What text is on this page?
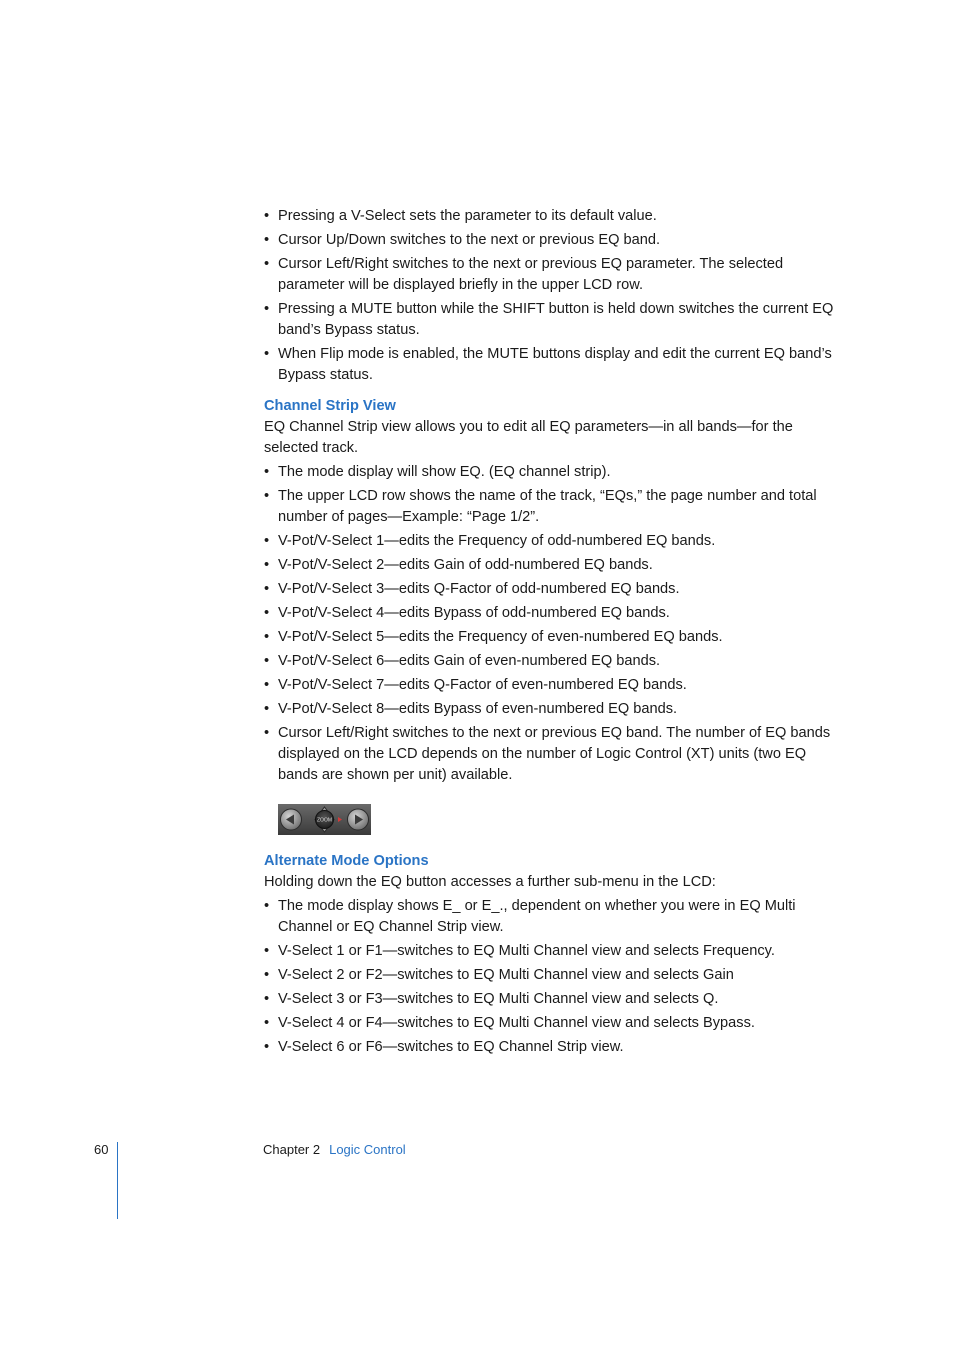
• Pressing a V-Select sets the parameter to its default value.
• Cursor Up/Down switches to the next or previous EQ band.
• Cursor Left/Right switches to the next or previous EQ parameter. The selected parameter will be displayed briefly in the upper LCD row.
• Pressing a MUTE button while the SHIFT button is held down switches the current EQ band’s Bypass status.
• When Flip mode is enabled, the MUTE buttons display and edit the current EQ band’s Bypass status.
Channel Strip View

EQ Channel Strip view allows you to edit all EQ parameters—in all bands—for the selected track.

• The mode display will show EQ. (EQ channel strip).
• The upper LCD row shows the name of the track, “EQs,” the page number and total number of pages—Example: “Page 1/2”.
• V-Pot/V-Select 1—edits the Frequency of odd-numbered EQ bands.
• V-Pot/V-Select 2—edits Gain of odd-numbered EQ bands.
• V-Pot/V-Select 3—edits Q-Factor of odd-numbered EQ bands.
• V-Pot/V-Select 4—edits Bypass of odd-numbered EQ bands.
• V-Pot/V-Select 5—edits the Frequency of even-numbered EQ bands.
• V-Pot/V-Select 6—edits Gain of even-numbered EQ bands.
• V-Pot/V-Select 7—edits Q-Factor of even-numbered EQ bands.
• V-Pot/V-Select 8—edits Bypass of even-numbered EQ bands.
• Cursor Left/Right switches to the next or previous EQ band. The number of EQ bands displayed on the LCD depends on the number of Logic Control (XT) units (two EQ bands are shown per unit) available.
ZOOM
Alternate Mode Options

Holding down the EQ button accesses a further sub-menu in the LCD:

• The mode display shows E_ or E_., dependent on whether you were in EQ Multi Channel or EQ Channel Strip view.
• V-Select 1 or F1—switches to EQ Multi Channel view and selects Frequency.
• V-Select 2 or F2—switches to EQ Multi Channel view and selects Gain
• V-Select 3 or F3—switches to EQ Multi Channel view and selects Q.
• V-Select 4 or F4—switches to EQ Multi Channel view and selects Bypass.
• V-Select 6 or F6—switches to EQ Channel Strip view.
60	Chapter 2 Logic Control
